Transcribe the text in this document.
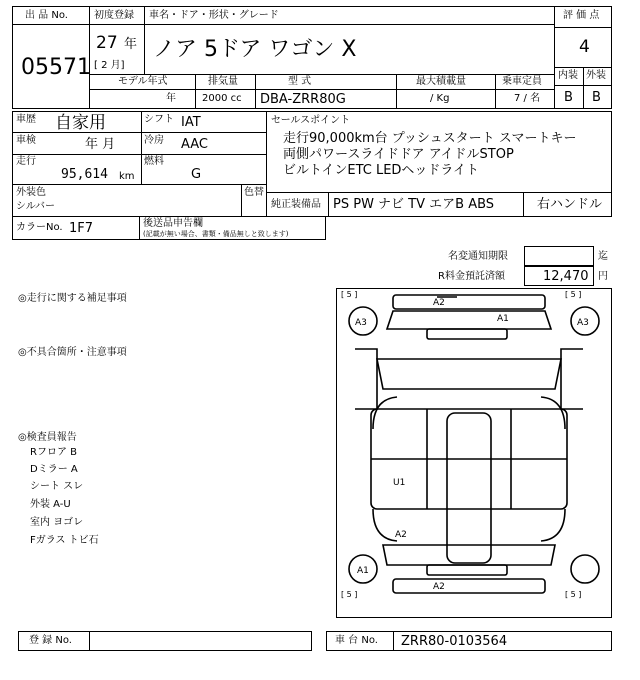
出 品 No.
05571
初度登録
27 年
[ 2 月]
車名・ドア・形状・グレード
ノア 5ドア ワゴン X
評 価 点
4
内装 外装
B B
モデル年式
年
排気量
2000 cc
型 式
DBA-ZRR80G
最大積載量
/ Kg
乗車定員
7 / 名
車歴 自家用
車検	年 月
走行
95,614 km
シフト IAT
冷房 AAC
燃料
G
セールスポイント
走行90,000km台 プッシュスタート スマートキー
両側パワースライドドア アイドルSTOP
ビルトインETC LEDヘッドライト
外装色
シルバー
色替
純正装備品 PS PW ナビ TV エアB ABS	右ハンドル
カラーNo. 1F7	後送品申告欄
(記載が無い場合、書類・備品無しと致します)
名変通知期限	迄
R料金預託済額	12,470 円
◎走行に関する補足事項
◎不具合箇所・注意事項
◎検査員報告
Rフロア B
Dミラー A
シート スレ
外装 A-U
室内 ヨゴレ
Fガラス トビ石
[ 5 ]	[ 5 ]
[ 5 ]	[ 5 ]
A2
A1
A3	A3
U1
A2
A1
A2
登 録 No.	車 台 No. ZRR80-0103564
